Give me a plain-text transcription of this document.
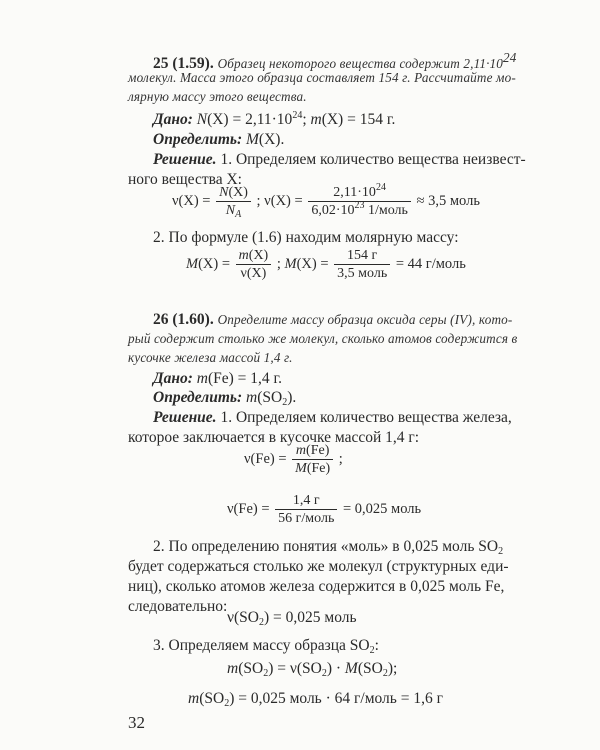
25 (1.59). Образец некоторого вещества содержит $2,11\cdot 10^{24}$
молекул. Масса этого образца составляет 154 г. Рассчитайте мо-
лярную массу этого вещества.
Дано: $N(X) = 2,11\cdot 10^{24}$; m(X) = 154 г.
Определить: M(X).
Решение. 1. Определяем количество вещества неизвест-
ного вещества X:
$\nu(X) = \frac{N(X)}{N_A}$ ; $\nu(X) = \frac{2,11\cdot 10^{24}}{6,02\cdot 10^{23} 1/моль} \approx 3,5$ моль
2. По формуле (1.6) находим молярную массу:
$M(X) = \frac{m(X)}{\nu(X)}$ ; $M(X) = \frac{154 г}{\text{3,5 моль}} = 44$ г/моль
26 (1.60). Определите массу образца оксида серы (IV), кото-
рый содержит столько же молекул, сколько атомов содержится в
кусочке железа массой 1,4 г.
Дано: m(Fe) = 1,4 г.
Определить: $m(SO_2)$.
Решение. 1. Определяем количество вещества железа,
которое заключается в кусочке массой 1,4 г:
$\nu(Fe) = \frac{m(Fe)}{M(Fe)}$ ;
$\nu(Fe) = \frac{1,4 г}{\text{56 г/моль}} = 0,025$ моль
2. По определению понятия «моль» в 0,025 моль $SO_2$
будет содержаться столько же молекул (структурных еди-
ниц), сколько атомов железа содержится в 0,025 моль Fe,
следовательно:
$\nu(SO_2) = 0,025$ моль
3. Определяем массу образца $SO_2$:
$m(SO_2) = \nu(SO_2) \cdot M(SO_2)$;
$m(SO_2) = 0,025$ моль · 64 г/моль = 1,6 г
32
